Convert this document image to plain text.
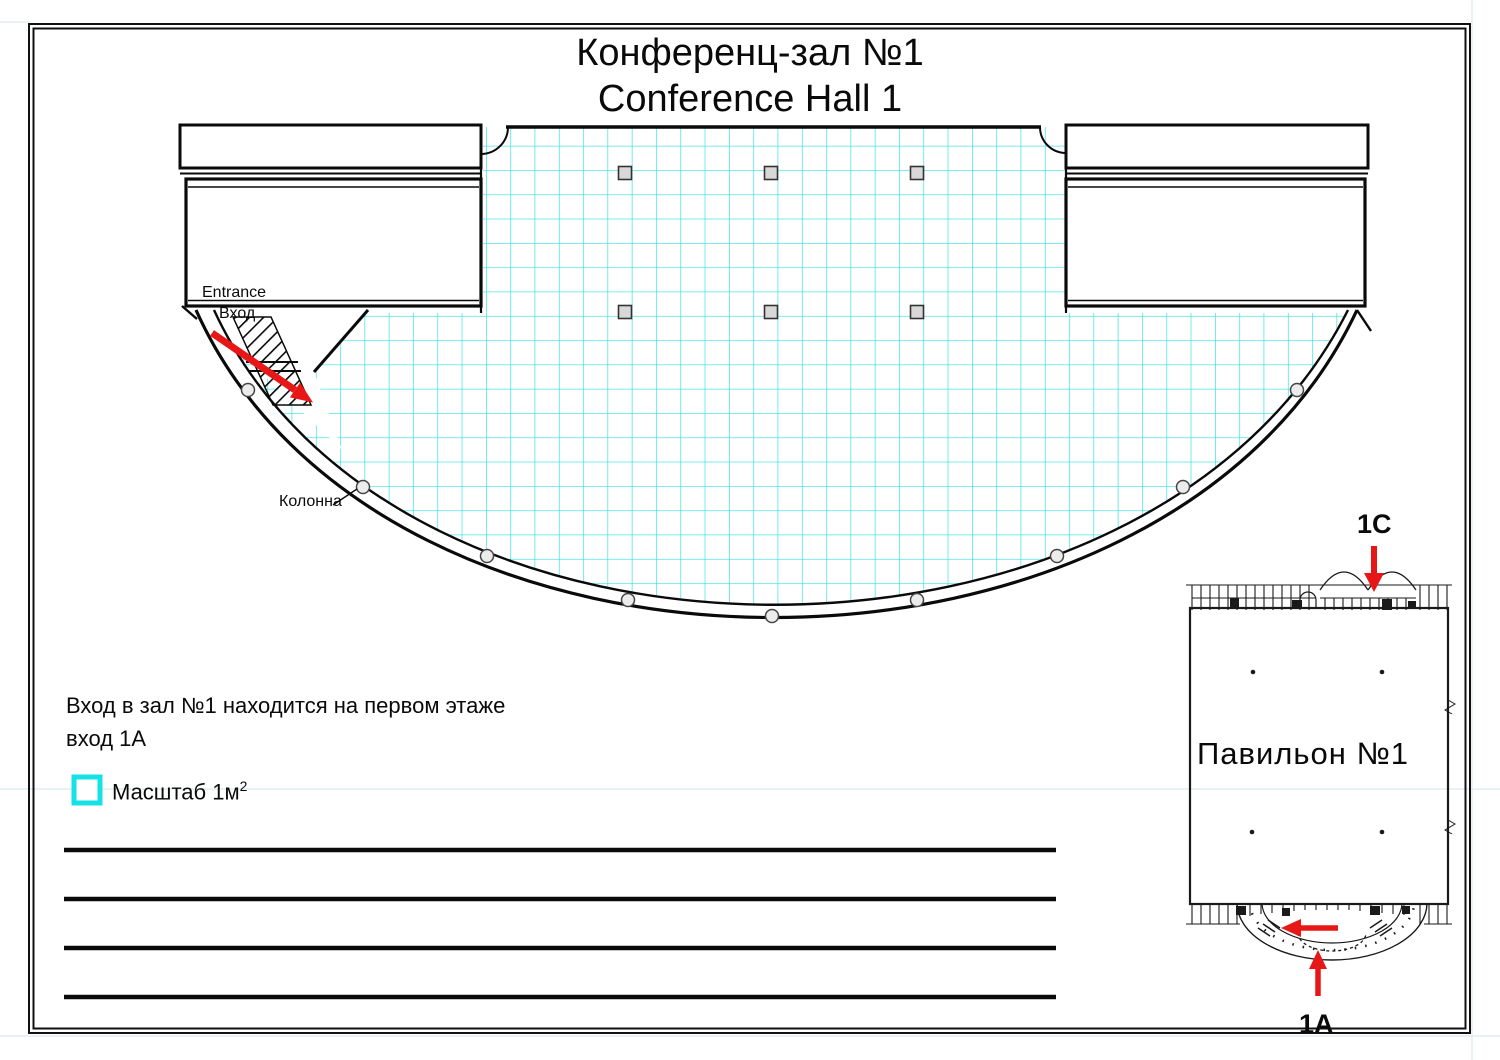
Конференц-зал №1
Conference Hall 1
Entrance
Вход
Колонна
Вход в зал №1 находится на первом этаже
вход 1А
Масштаб $1м^2$
Павильон №1
1C
1A
